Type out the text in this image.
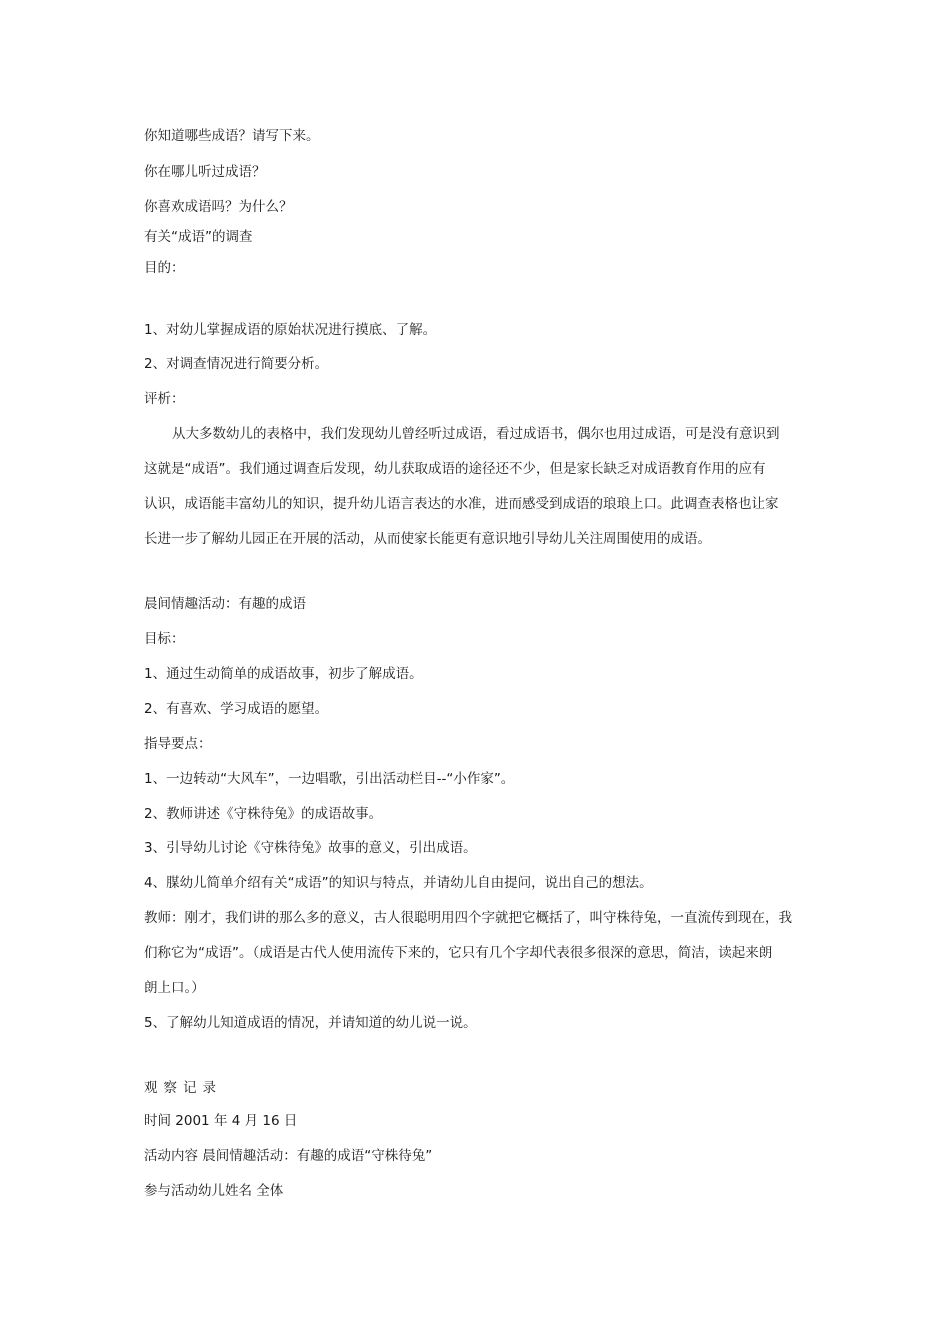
你知道哪些成语？请写下来。
你在哪儿听过成语？
你喜欢成语吗？为什么？
有关“成语”的调查
目的：
1、对幼儿掌握成语的原始状况进行摸底、了解。
2、对调查情况进行简要分析。
评析：
从大多数幼儿的表格中，我们发现幼儿曾经听过成语，看过成语书，偶尔也用过成语，可是没有意识到
这就是“成语”。我们通过调查后发现，幼儿获取成语的途径还不少，但是家长缺乏对成语教育作用的应有
认识，成语能丰富幼儿的知识，提升幼儿语言表达的水准，进而感受到成语的琅琅上口。此调查表格也让家
长进一步了解幼儿园正在开展的活动，从而使家长能更有意识地引导幼儿关注周围使用的成语。
晨间情趣活动：有趣的成语
目标：
1、通过生动简单的成语故事，初步了解成语。
2、有喜欢、学习成语的愿望。
指导要点：
1、一边转动“大风车”，一边唱歌，引出活动栏目--“小作家”。
2、教师讲述《守株待兔》的成语故事。
3、引导幼儿讨论《守株待兔》故事的意义，引出成语。
4、腜幼儿简单介绍有关“成语”的知识与特点，并请幼儿自由提问，说出自己的想法。
教师：刚才，我们讲的那么多的意义，古人很聪明用四个字就把它概括了，叫守株待兔，一直流传到现在，我
们称它为“成语”。（成语是古代人使用流传下来的，它只有几个字却代表很多很深的意思，简洁，读起来朗
朗上口。）
5、了解幼儿知道成语的情况，并请知道的幼儿说一说。
观察记录
时间 2001 年 4 月 16 日
活动内容 晨间情趣活动：有趣的成语“守株待兔”
参与活动幼儿姓名 全体
